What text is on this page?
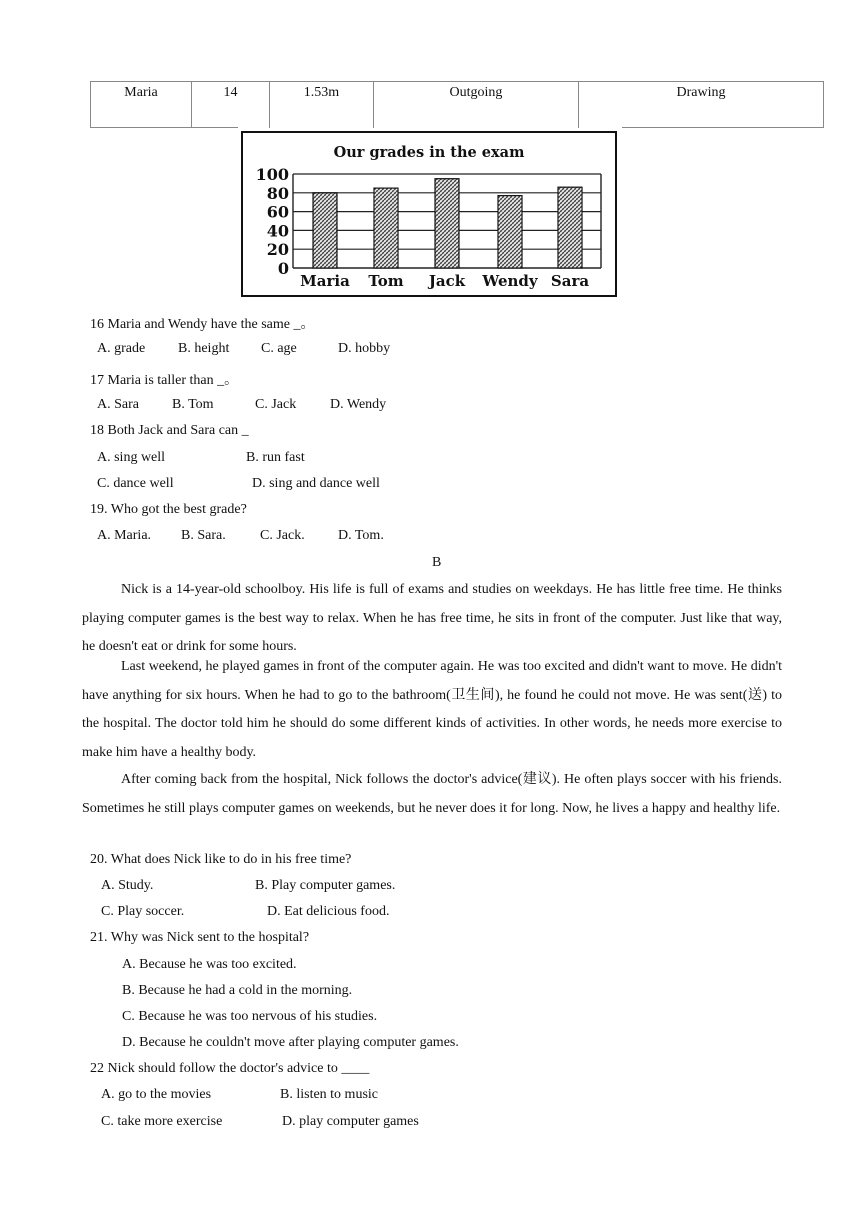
Maria	14	1.53m	Outgoing	Drawing
Our grades in the exam
100
80
60
40
20
0
Maria Tom Jack Wendy Sara
16 Maria and Wendy have the same _。
A. grade B. height C. age	D. hobby
17 Maria is taller than _。
A. Sara B. Tom	C. Jack D. Wendy
18 Both Jack and Sara can _
A. sing well	B. run fast
C. dance well	D. sing and dance well
19. Who got the best grade?
A. Maria. B. Sara. C. Jack. D. Tom.
B
Nick is a 14-year-old schoolboy. His life is full of exams and studies on weekdays. He has little free time. He thinks playing computer games is the best way to relax. When he has free time, he sits in front of the computer. Just like that way, he doesn't eat or drink for some hours.
Last weekend, he played games in front of the computer again. He was too excited and didn't want to move. He didn't have anything for six hours. When he had to go to the bathroom(卫生间), he found he could not move. He was sent(送) to the hospital. The doctor told him he should do some different kinds of activities. In other words, he needs more exercise to make him have a healthy body.
After coming back from the hospital, Nick follows the doctor's advice(建议). He often plays soccer with his friends. Sometimes he still plays computer games on weekends, but he never does it for long. Now, he lives a happy and healthy life.
20. What does Nick like to do in his free time?
A. Study.	B. Play computer games.
C. Play soccer.	D. Eat delicious food.
21. Why was Nick sent to the hospital?
A. Because he was too excited.
B. Because he had a cold in the morning.
C. Because he was too nervous of his studies.
D. Because he couldn't move after playing computer games.
22 Nick should follow the doctor's advice to ____
A. go to the movies	B. listen to music
C. take more exercise	D. play computer games
